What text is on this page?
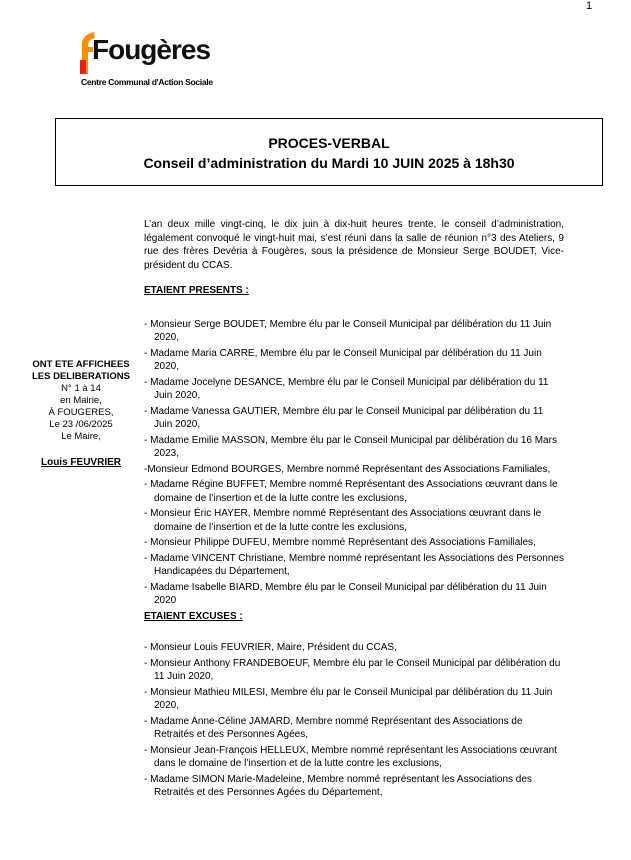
1
Fougères
Centre Communal d'Action Sociale
PROCES-VERBAL
Conseil d’administration du Mardi 10 JUIN 2025 à 18h30
ONT ETE AFFICHEES
LES DELIBERATIONS
N° 1 à 14
en Mairie,
À FOUGERES,
Le 23 /06/2025
Le Maire,
Louis FEUVRIER

L’an deux mille vingt-cinq, le dix juin à dix-huit heures trente, le conseil d’administration, légalement convoqué le vingt-huit mai, s’est réuni dans la salle de réunion n°3 des Ateliers, 9 rue des frères Devéria à Fougères, sous la présidence de Monsieur Serge BOUDET, Vice-président du CCAS.

ETAIENT PRESENTS :
- Monsieur Serge BOUDET, Membre élu par le Conseil Municipal par délibération du 11 Juin 2020,
- Madame Maria CARRE, Membre élu par le Conseil Municipal par délibération du 11 Juin 2020,
- Madame Jocelyne DESANCE, Membre élu par le Conseil Municipal par délibération du 11 Juin 2020,
- Madame Vanessa GAUTIER, Membre élu par le Conseil Municipal par délibération du 11 Juin 2020,
- Madame Emilie MASSON, Membre élu par le Conseil Municipal par délibération du 16 Mars 2023,
-Monsieur Edmond BOURGES, Membre nommé Représentant des Associations Familiales,
- Madame Régine BUFFET, Membre nommé Représentant des Associations œuvrant dans le domaine de l’insertion et de la lutte contre les exclusions,
- Monsieur Éric HAYER, Membre nommé Représentant des Associations œuvrant dans le domaine de l’insertion et de la lutte contre les exclusions,
- Monsieur Philippe DUFEU, Membre nommé Représentant des Associations Familiales,
- Madame VINCENT Christiane, Membre nommé représentant les Associations des Personnes Handicapées du Département,
- Madame Isabelle BIARD, Membre élu par le Conseil Municipal par délibération du 11 Juin 2020
ETAIENT EXCUSES :
- Monsieur Louis FEUVRIER, Maire, Président du CCAS,
- Monsieur Anthony FRANDEBOEUF, Membre élu par le Conseil Municipal par délibération du 11 Juin 2020,
- Monsieur Mathieu MILESI, Membre élu par le Conseil Municipal par délibération du 11 Juin 2020,
- Madame Anne-Céline JAMARD, Membre nommé Représentant des Associations de Retraités et des Personnes Agées,
- Monsieur Jean-François HELLEUX, Membre nommé représentant les Associations œuvrant dans le domaine de l’insertion et de la lutte contre les exclusions,
- Madame SIMON Marie-Madeleine, Membre nommé représentant les Associations des Retraités et des Personnes Agées du Département,
